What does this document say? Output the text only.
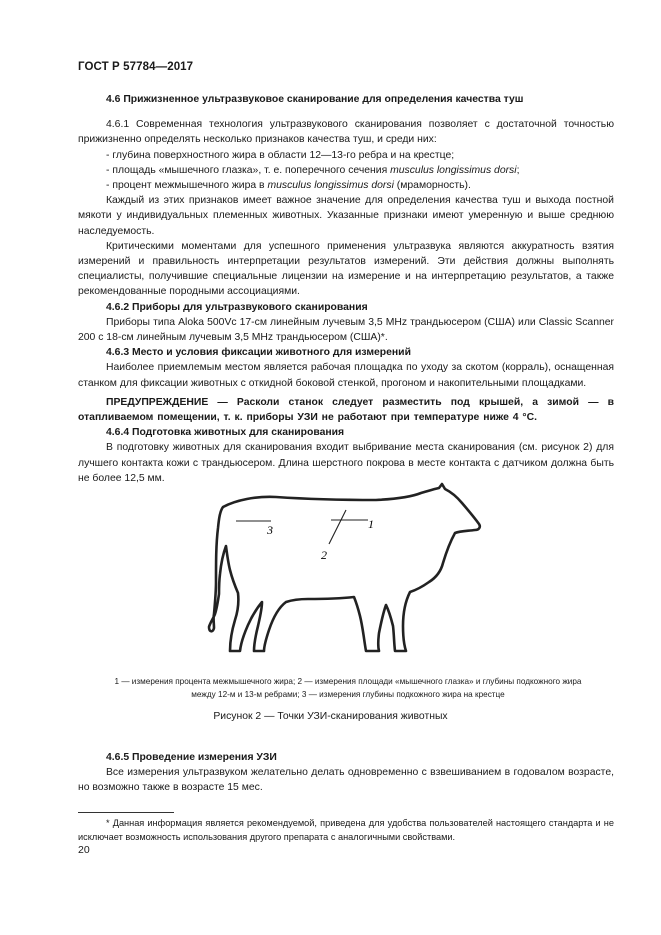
ГОСТ Р 57784—2017

4.6 Прижизненное ультразвуковое сканирование для определения качества туш

4.6.1 Современная технология ультразвукового сканирования позволяет с достаточной точностью прижизненно определять несколько признаков качества туш, и среди них:

- глубина поверхностного жира в области 12—13-го ребра и на крестце;

- площадь «мышечного глазка», т. е. поперечного сечения musculus longissimus dorsi;

- процент межмышечного жира в musculus longissimus dorsi (мраморность).

Каждый из этих признаков имеет важное значение для определения качества туш и выхода постной мякоти у индивидуальных племенных животных. Указанные признаки имеют умеренную и выше среднюю наследуемость.

Критическими моментами для успешного применения ультразвука являются аккуратность взятия измерений и правильность интерпретации результатов измерений. Эти действия должны выполнять специалисты, получившие специальные лицензии на измерение и на интерпретацию результатов, а также рекомендованные породными ассоциациями.

4.6.2 Приборы для ультразвукового сканирования

Приборы типа Aloka 500Vc 17-см линейным лучевым 3,5 MHz трандьюсером (США) или Classic Scanner 200 с 18-см линейным лучевым 3,5 MHz трандьюсером (США)*.

4.6.3 Место и условия фиксации животного для измерений

Наиболее приемлемым местом является рабочая площадка по уходу за скотом (корраль), оснащенная станком для фиксации животных с откидной боковой стенкой, прогоном и накопительными площадками.

ПРЕДУПРЕЖДЕНИЕ — Расколи станок следует разместить под крышей, а зимой — в отапливаемом помещении, т. к. приборы УЗИ не работают при температуре ниже 4 °С.

4.6.4 Подготовка животных для сканирования

В подготовку животных для сканирования входит выбривание места сканирования (см. рисунок 2) для лучшего контакта кожи с трандьюсером. Длина шерстного покрова в месте контакта с датчиком должна быть не более 12,5 мм.

3	1
2
1 — измерения процента межмышечного жира; 2 — измерения площади «мышечного глазка» и глубины подкожного жира
между 12-м и 13-м ребрами; 3 — измерения глубины подкожного жира на крестце
Рисунок 2 — Точки УЗИ-сканирования животных

4.6.5 Проведение измерения УЗИ

Все измерения ультразвуком желательно делать одновременно с взвешиванием в годовалом возрасте, но возможно также в возрасте 15 мес.

* Данная информация является рекомендуемой, приведена для удобства пользователей настоящего стандарта и не исключает возможность использования другого препарата с аналогичными свойствами.
20
